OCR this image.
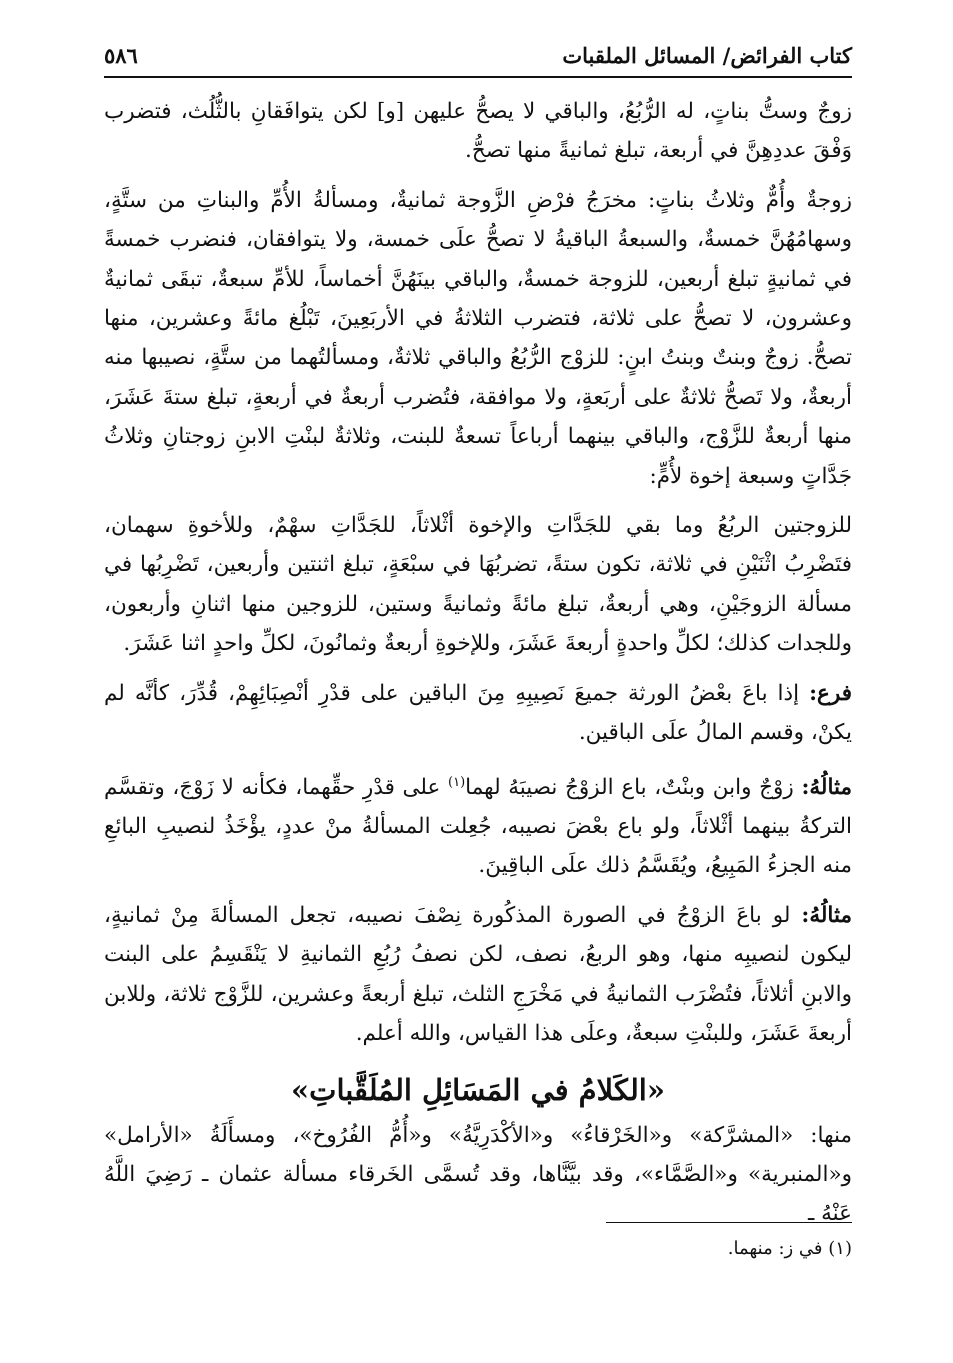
كتاب الفرائض/ المسائل الملقبات
٥٨٦

زوجٌ وستُّ بناتٍ، له الرُّبُعُ، والباقي لا يصحُّ عليهن [و] لكن يتوافَقانِ بالثُّلُث، فتضرب وَفْقَ عددِهِنَّ في أربعة، تبلغ ثمانيةً منها تصحُّ.

زوجةٌ وأُمٌّ وثلاثُ بناتٍ: مخرَجُ فرْضِ الزَّوجة ثمانيةٌ، ومسألةُ الأُمِّ والبناتِ من ستَّةٍ، وسهامُهُنَّ خمسةٌ، والسبعةُ الباقيةُ لا تصحُّ علَى خمسة، ولا يتوافقان، فنضرب خمسةً في ثمانيةٍ تبلغ أربعين، للزوجة خمسةٌ، والباقي بينَهُنَّ أخماساً، للأمِّ سبعةٌ، تبقَى ثمانيةٌ وعشرون، لا تصحُّ على ثلاثة، فتضرب الثلاثةُ في الأربَعِينَ، تَبْلُغ مائةً وعشرين، منها تصحُّ. زوجٌ وبنتٌ وبنتُ ابنٍ: للزوْج الرُّبُعُ والباقي ثلاثةٌ، ومسألتُهما من ستَّةٍ، نصيبها منه أربعةٌ، ولا تَصحُّ ثلاثةٌ على أربَعةٍ، ولا موافقة، فتُضرب أربعةٌ في أربعةٍ، تبلغ ستةَ عَشَرَ، منها أربعةٌ للزَّوْج، والباقي بينهما أرباعاً تسعةٌ للبنت، وثلاثةٌ لبنْتِ الابنِ زوجتانِ وثلاثُ جَدَّاتٍ وسبعة إخوة لأُمٍّ:

للزوجتين الربُعُ وما بقي للجَدَّاتِ والإخوة أثْلاثاً، للجَدَّاتِ سهْمٌ، وللأخوةِ سهمان، فتَضْرِبُ اثْنَيْنِ في ثلاثة، تكون ستةً، تضربُهَا في سبْعَةٍ، تبلغ اثنتين وأربعين، تَضْرِبُها في مسألة الزوجَيْنِ، وهي أربعةٌ، تبلغ مائةً وثمانيةً وستين، للزوجين منها اثنانِ وأربعون، وللجدات كذلك؛ لكلِّ واحدةٍ أربعةَ عَشَرَ، وللإخوةِ أربعةٌ وثمانُونَ، لكلِّ واحدٍ اثنا عَشَرَ.

فرع: إذا باعَ بعْضُ الورثة جميعَ نَصِيبِهِ مِنَ الباقين على قدْرِ أنْصِبَائِهِمْ، قُدِّرَ، كأنَّه لم يكنْ، وقسم المالُ علَى الباقين.

مثالُهُ: زوْجٌ وابن وبنْتٌ، باع الزوْجُ نصيبَهُ لهما$^{(١)}$ على قدْرِ حقِّهما، فكأنه لا زَوْجَ، وتقسَّم التركةُ بينهما أثْلاثاً، ولو باع بعْضَ نصيبه، جُعِلت المسألةُ منْ عددٍ، يؤْخَذُ لنصيبِ البائعِ منه الجزءُ المَبِيعُ، ويُقَسَّمُ ذلك علَى الباقِينَ.

مثالُهُ: لو باعَ الزوْجُ في الصورة المذكُورة نِصْفَ نصيبه، تجعل المسألةَ مِنْ ثمانيةٍ، ليكون لنصيبِه منها، وهو الربعُ، نصف، لكن نصفُ رُبُعِ الثمانيةِ لا يَنْقَسِمُ على البنت والابنِ أثلاثاً، فتُضْرَب الثمانيةُ في مَخْرَجِ الثلث، تبلغ أربعةً وعشرين، للزَّوْج ثلاثة، وللابن أربعةَ عَشَرَ، وللبنْتِ سبعةٌ، وعلَى هذا القياس، والله أعلم.

«الكَلامُ في المَسَائِلِ المُلَقَّباتِ»

منها: «المشرَّكة» و«الخَرْقاءُ» و«الأكْدَرِيَّةُ» و«أُمُّ الفُرُوخ»، ومسأَلَةُ «الأرامل» و«المنبرية» و«الصَّمَّاء»، وقد بيَّنَّاها، وقد تُسمَّى الخَرقاء مسألة عثمان ـ رَضِيَ اللَّهُ عَنْهُ ـ

(١) في ز: منهما.
